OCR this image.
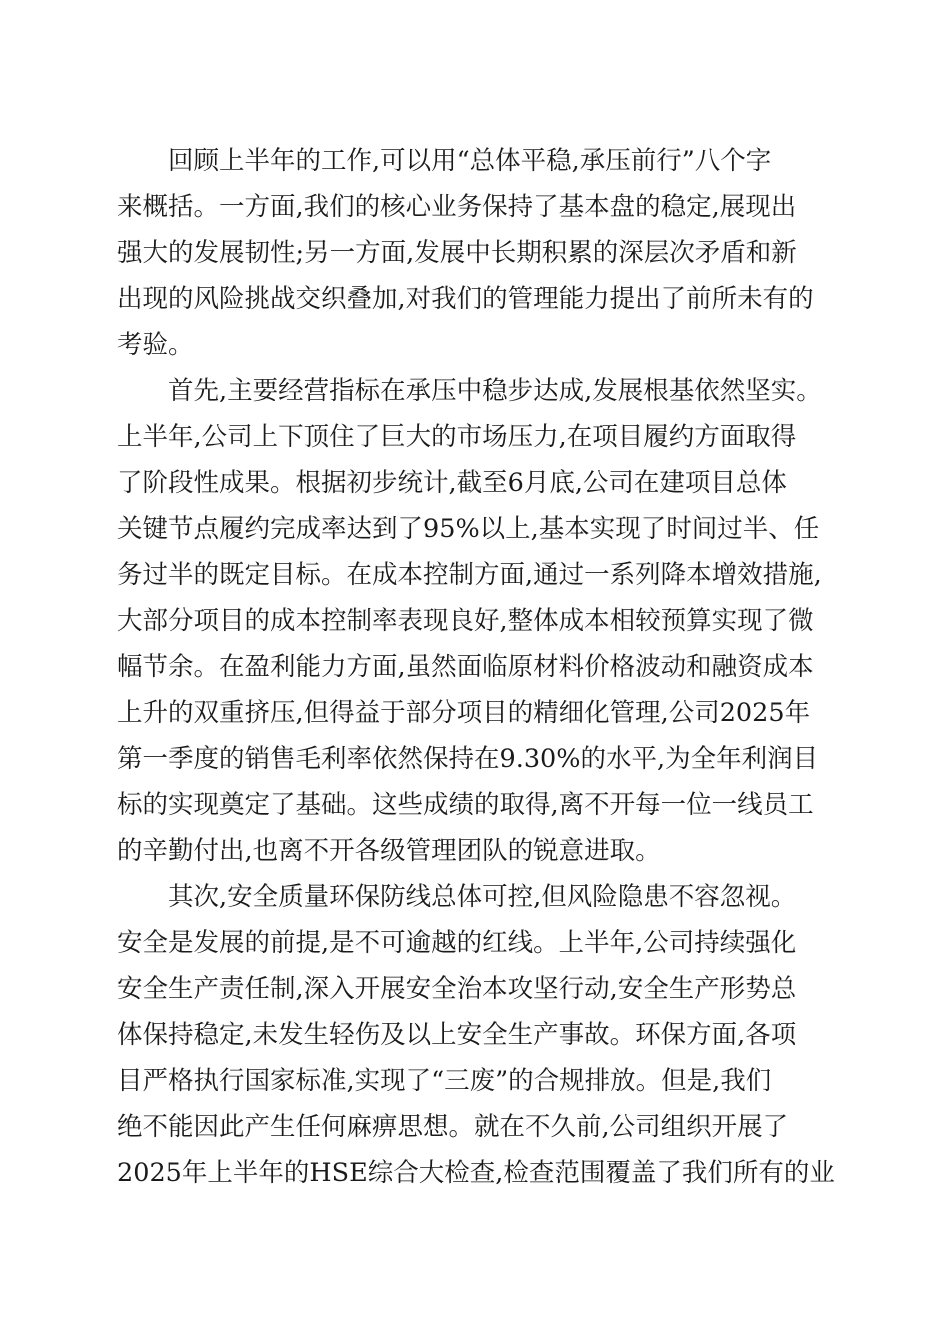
回顾上半年的工作,可以用“总体平稳,承压前行”八个字
来概括。一方面,我们的核心业务保持了基本盘的稳定,展现出
强大的发展韧性;另一方面,发展中长期积累的深层次矛盾和新
出现的风险挑战交织叠加,对我们的管理能力提出了前所未有的
考验。
首先,主要经营指标在承压中稳步达成,发展根基依然坚实。
上半年,公司上下顶住了巨大的市场压力,在项目履约方面取得
了阶段性成果。根据初步统计,截至6月底,公司在建项目总体
关键节点履约完成率达到了95%以上,基本实现了时间过半、任
务过半的既定目标。在成本控制方面,通过一系列降本增效措施,
大部分项目的成本控制率表现良好,整体成本相较预算实现了微
幅节余。在盈利能力方面,虽然面临原材料价格波动和融资成本
上升的双重挤压,但得益于部分项目的精细化管理,公司2025年
第一季度的销售毛利率依然保持在9.30%的水平,为全年利润目
标的实现奠定了基础。这些成绩的取得,离不开每一位一线员工
的辛勤付出,也离不开各级管理团队的锐意进取。
其次,安全质量环保防线总体可控,但风险隐患不容忽视。
安全是发展的前提,是不可逾越的红线。上半年,公司持续强化
安全生产责任制,深入开展安全治本攻坚行动,安全生产形势总
体保持稳定,未发生轻伤及以上安全生产事故。环保方面,各项
目严格执行国家标准,实现了“三废”的合规排放。但是,我们
绝不能因此产生任何麻痹思想。就在不久前,公司组织开展了
2025年上半年的HSE综合大检查,检查范围覆盖了我们所有的业
